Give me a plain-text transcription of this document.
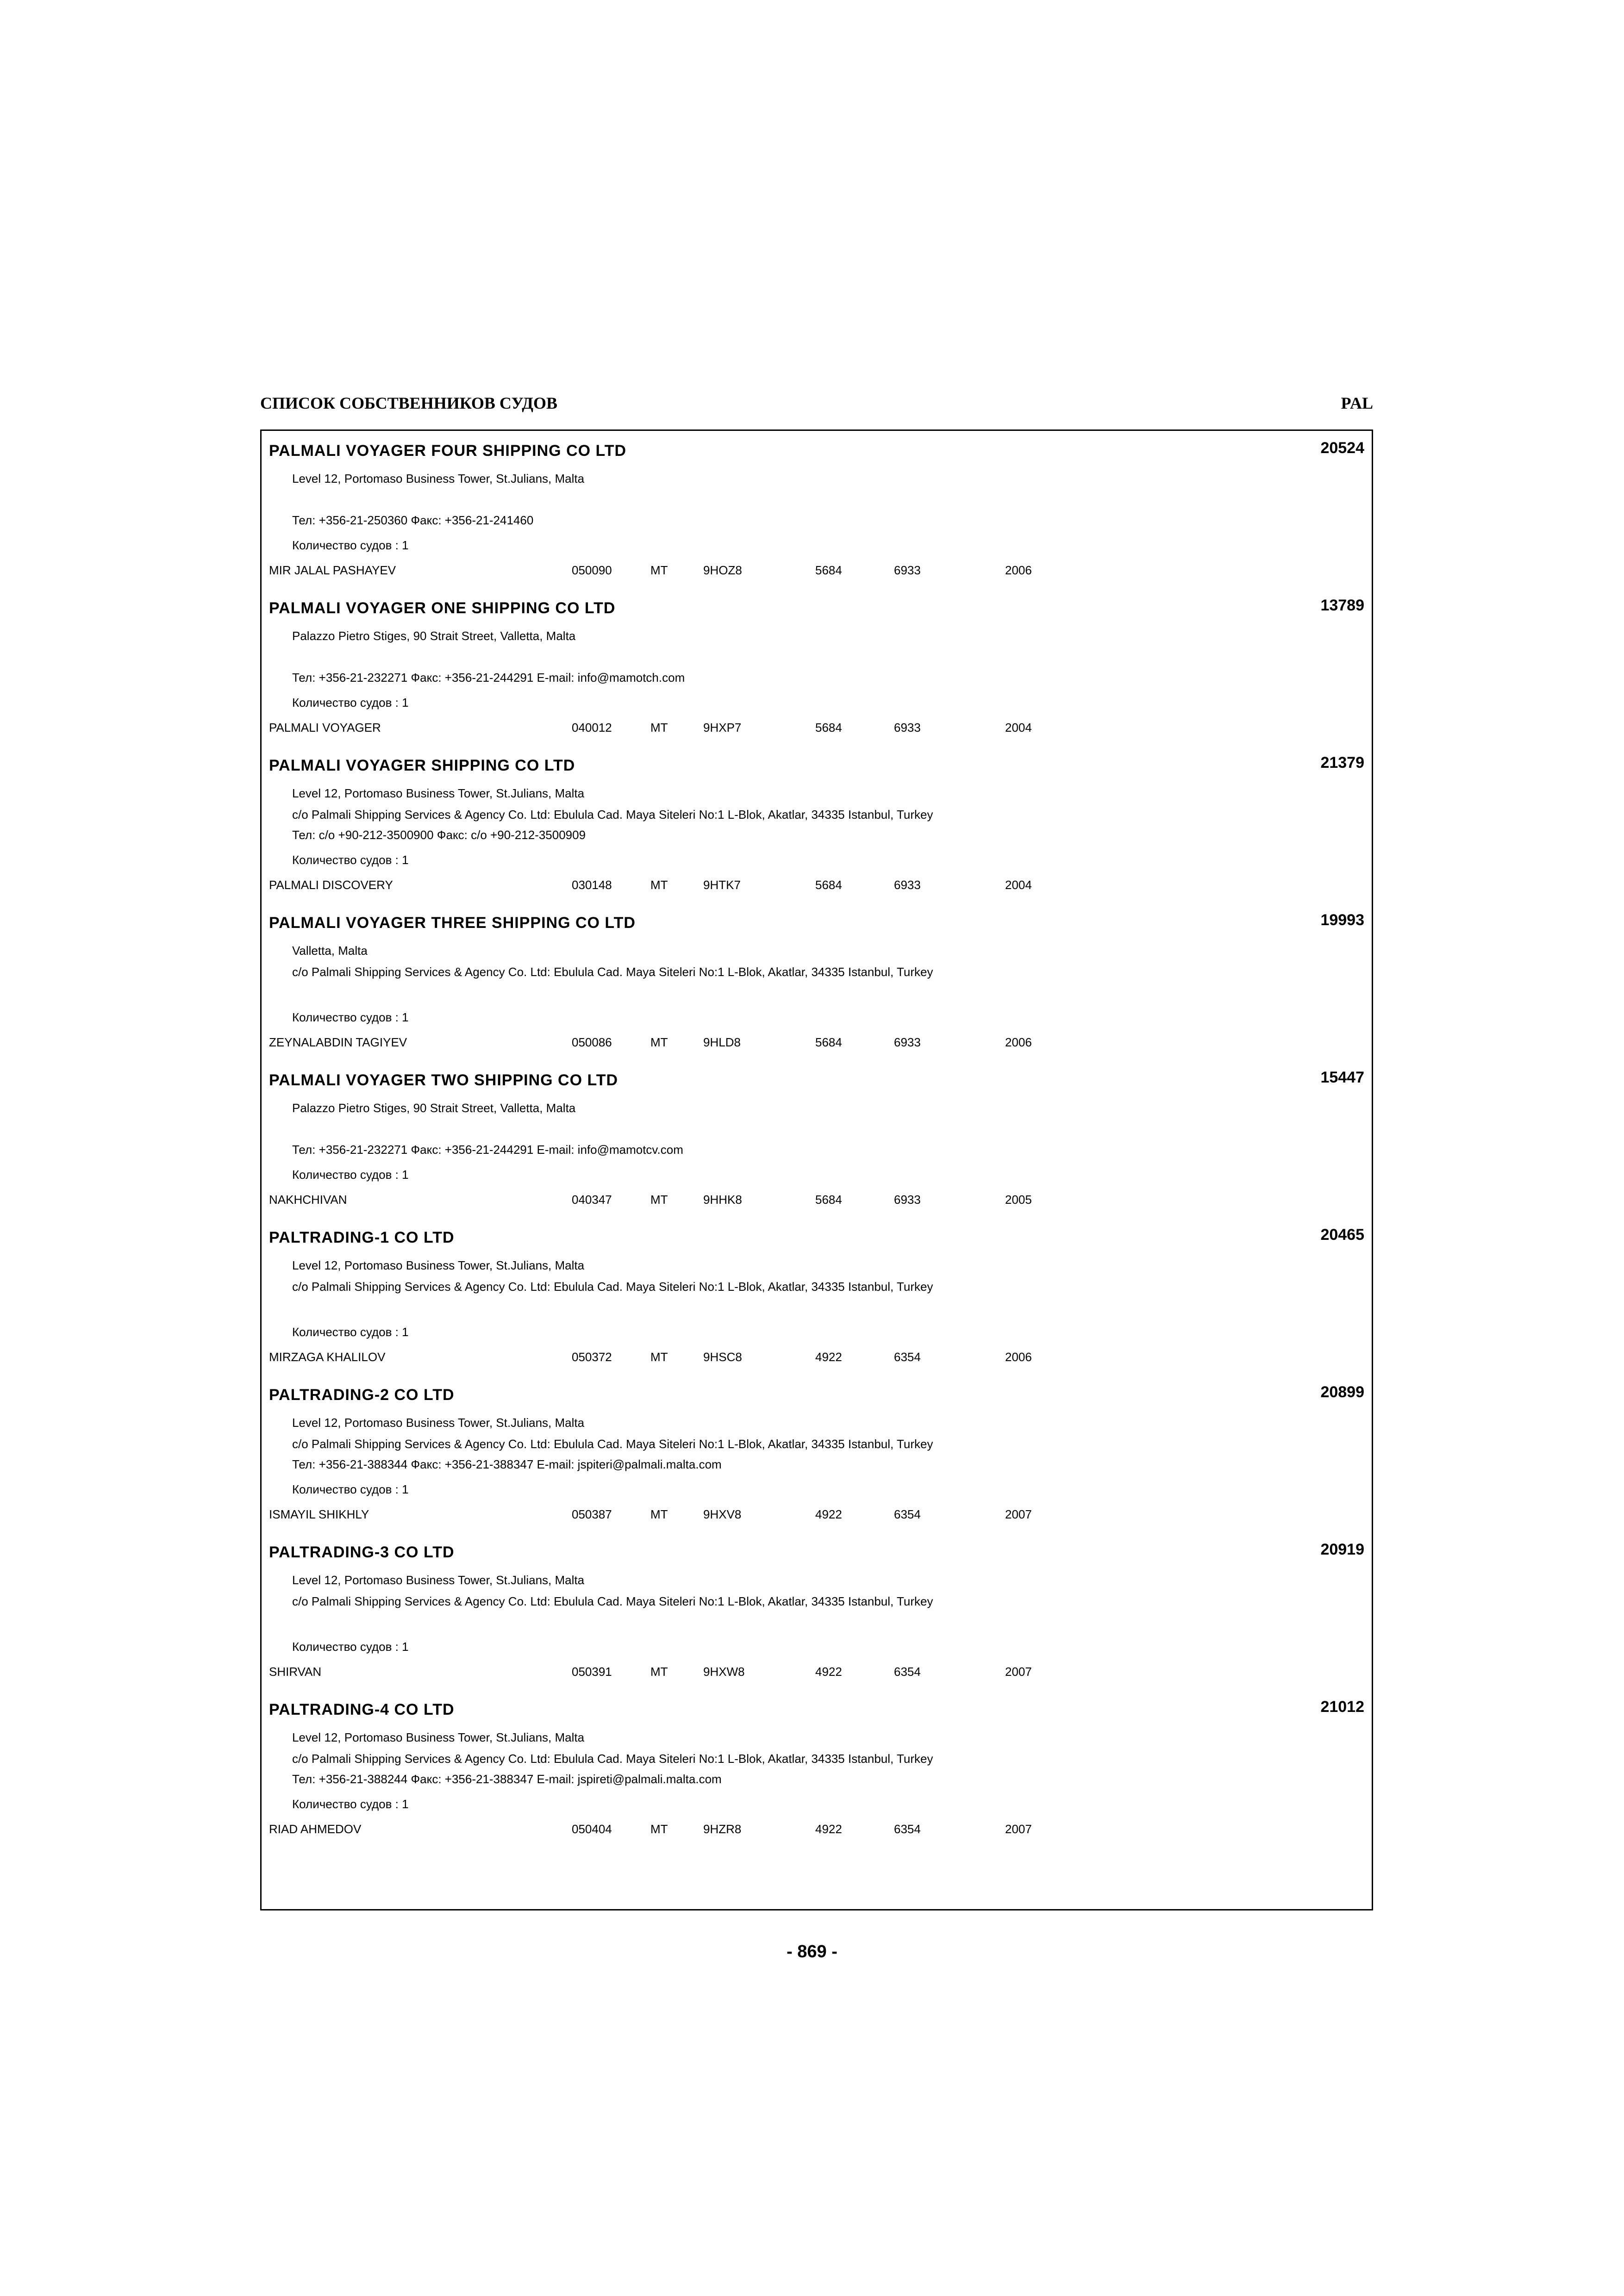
СПИСОК СОБСТВЕННИКОВ СУДОВ	PAL
PALMALI VOYAGER FOUR SHIPPING CO LTD	20524
Level 12, Portomaso Business Tower, St.Julians, Malta
Тел: +356-21-250360 Факс: +356-21-241460
Количество судов : 1
MIR JALAL PASHAYEV	050090	MT	9HOZ8	5684	6933	2006
PALMALI VOYAGER ONE SHIPPING CO LTD	13789
Palazzo Pietro Stiges, 90 Strait Street, Valletta, Malta
Тел: +356-21-232271 Факс: +356-21-244291 E-mail: info@mamotch.com
Количество судов : 1
PALMALI VOYAGER	040012	MT	9HXP7	5684	6933	2004
PALMALI VOYAGER SHIPPING CO LTD	21379
Level 12, Portomaso Business Tower, St.Julians, Malta
c/o Palmali Shipping Services & Agency Co. Ltd: Ebulula Cad. Maya Siteleri No:1 L-Blok, Akatlar, 34335 Istanbul, Turkey
Тел: c/o +90-212-3500900 Факс: c/o +90-212-3500909
Количество судов : 1
PALMALI DISCOVERY	030148	MT	9HTK7	5684	6933	2004
PALMALI VOYAGER THREE SHIPPING CO LTD	19993
Valletta, Malta
c/o Palmali Shipping Services & Agency Co. Ltd: Ebulula Cad. Maya Siteleri No:1 L-Blok, Akatlar, 34335 Istanbul, Turkey
Количество судов : 1
ZEYNALABDIN TAGIYEV	050086	MT	9HLD8	5684	6933	2006
PALMALI VOYAGER TWO SHIPPING CO LTD	15447
Palazzo Pietro Stiges, 90 Strait Street, Valletta, Malta
Тел: +356-21-232271 Факс: +356-21-244291 E-mail: info@mamotcv.com
Количество судов : 1
NAKHCHIVAN	040347	MT	9HHK8	5684	6933	2005
PALTRADING-1 CO LTD	20465
Level 12, Portomaso Business Tower, St.Julians, Malta
c/o Palmali Shipping Services & Agency Co. Ltd: Ebulula Cad. Maya Siteleri No:1 L-Blok, Akatlar, 34335 Istanbul, Turkey
Количество судов : 1
MIRZAGA KHALILOV	050372	MT	9HSC8	4922	6354	2006
PALTRADING-2 CO LTD	20899
Level 12, Portomaso Business Tower, St.Julians, Malta
c/o Palmali Shipping Services & Agency Co. Ltd: Ebulula Cad. Maya Siteleri No:1 L-Blok, Akatlar, 34335 Istanbul, Turkey
Тел: +356-21-388344 Факс: +356-21-388347 E-mail: jspiteri@palmali.malta.com
Количество судов : 1
ISMAYIL SHIKHLY	050387	MT	9HXV8	4922	6354	2007
PALTRADING-3 CO LTD	20919
Level 12, Portomaso Business Tower, St.Julians, Malta
c/o Palmali Shipping Services & Agency Co. Ltd: Ebulula Cad. Maya Siteleri No:1 L-Blok, Akatlar, 34335 Istanbul, Turkey
Количество судов : 1
SHIRVAN	050391	MT	9HXW8	4922	6354	2007
PALTRADING-4 CO LTD	21012
Level 12, Portomaso Business Tower, St.Julians, Malta
c/o Palmali Shipping Services & Agency Co. Ltd: Ebulula Cad. Maya Siteleri No:1 L-Blok, Akatlar, 34335 Istanbul, Turkey
Тел: +356-21-388244 Факс: +356-21-388347 E-mail: jspireti@palmali.malta.com
Количество судов : 1
RIAD AHMEDOV	050404	MT	9HZR8	4922	6354	2007
- 869 -
